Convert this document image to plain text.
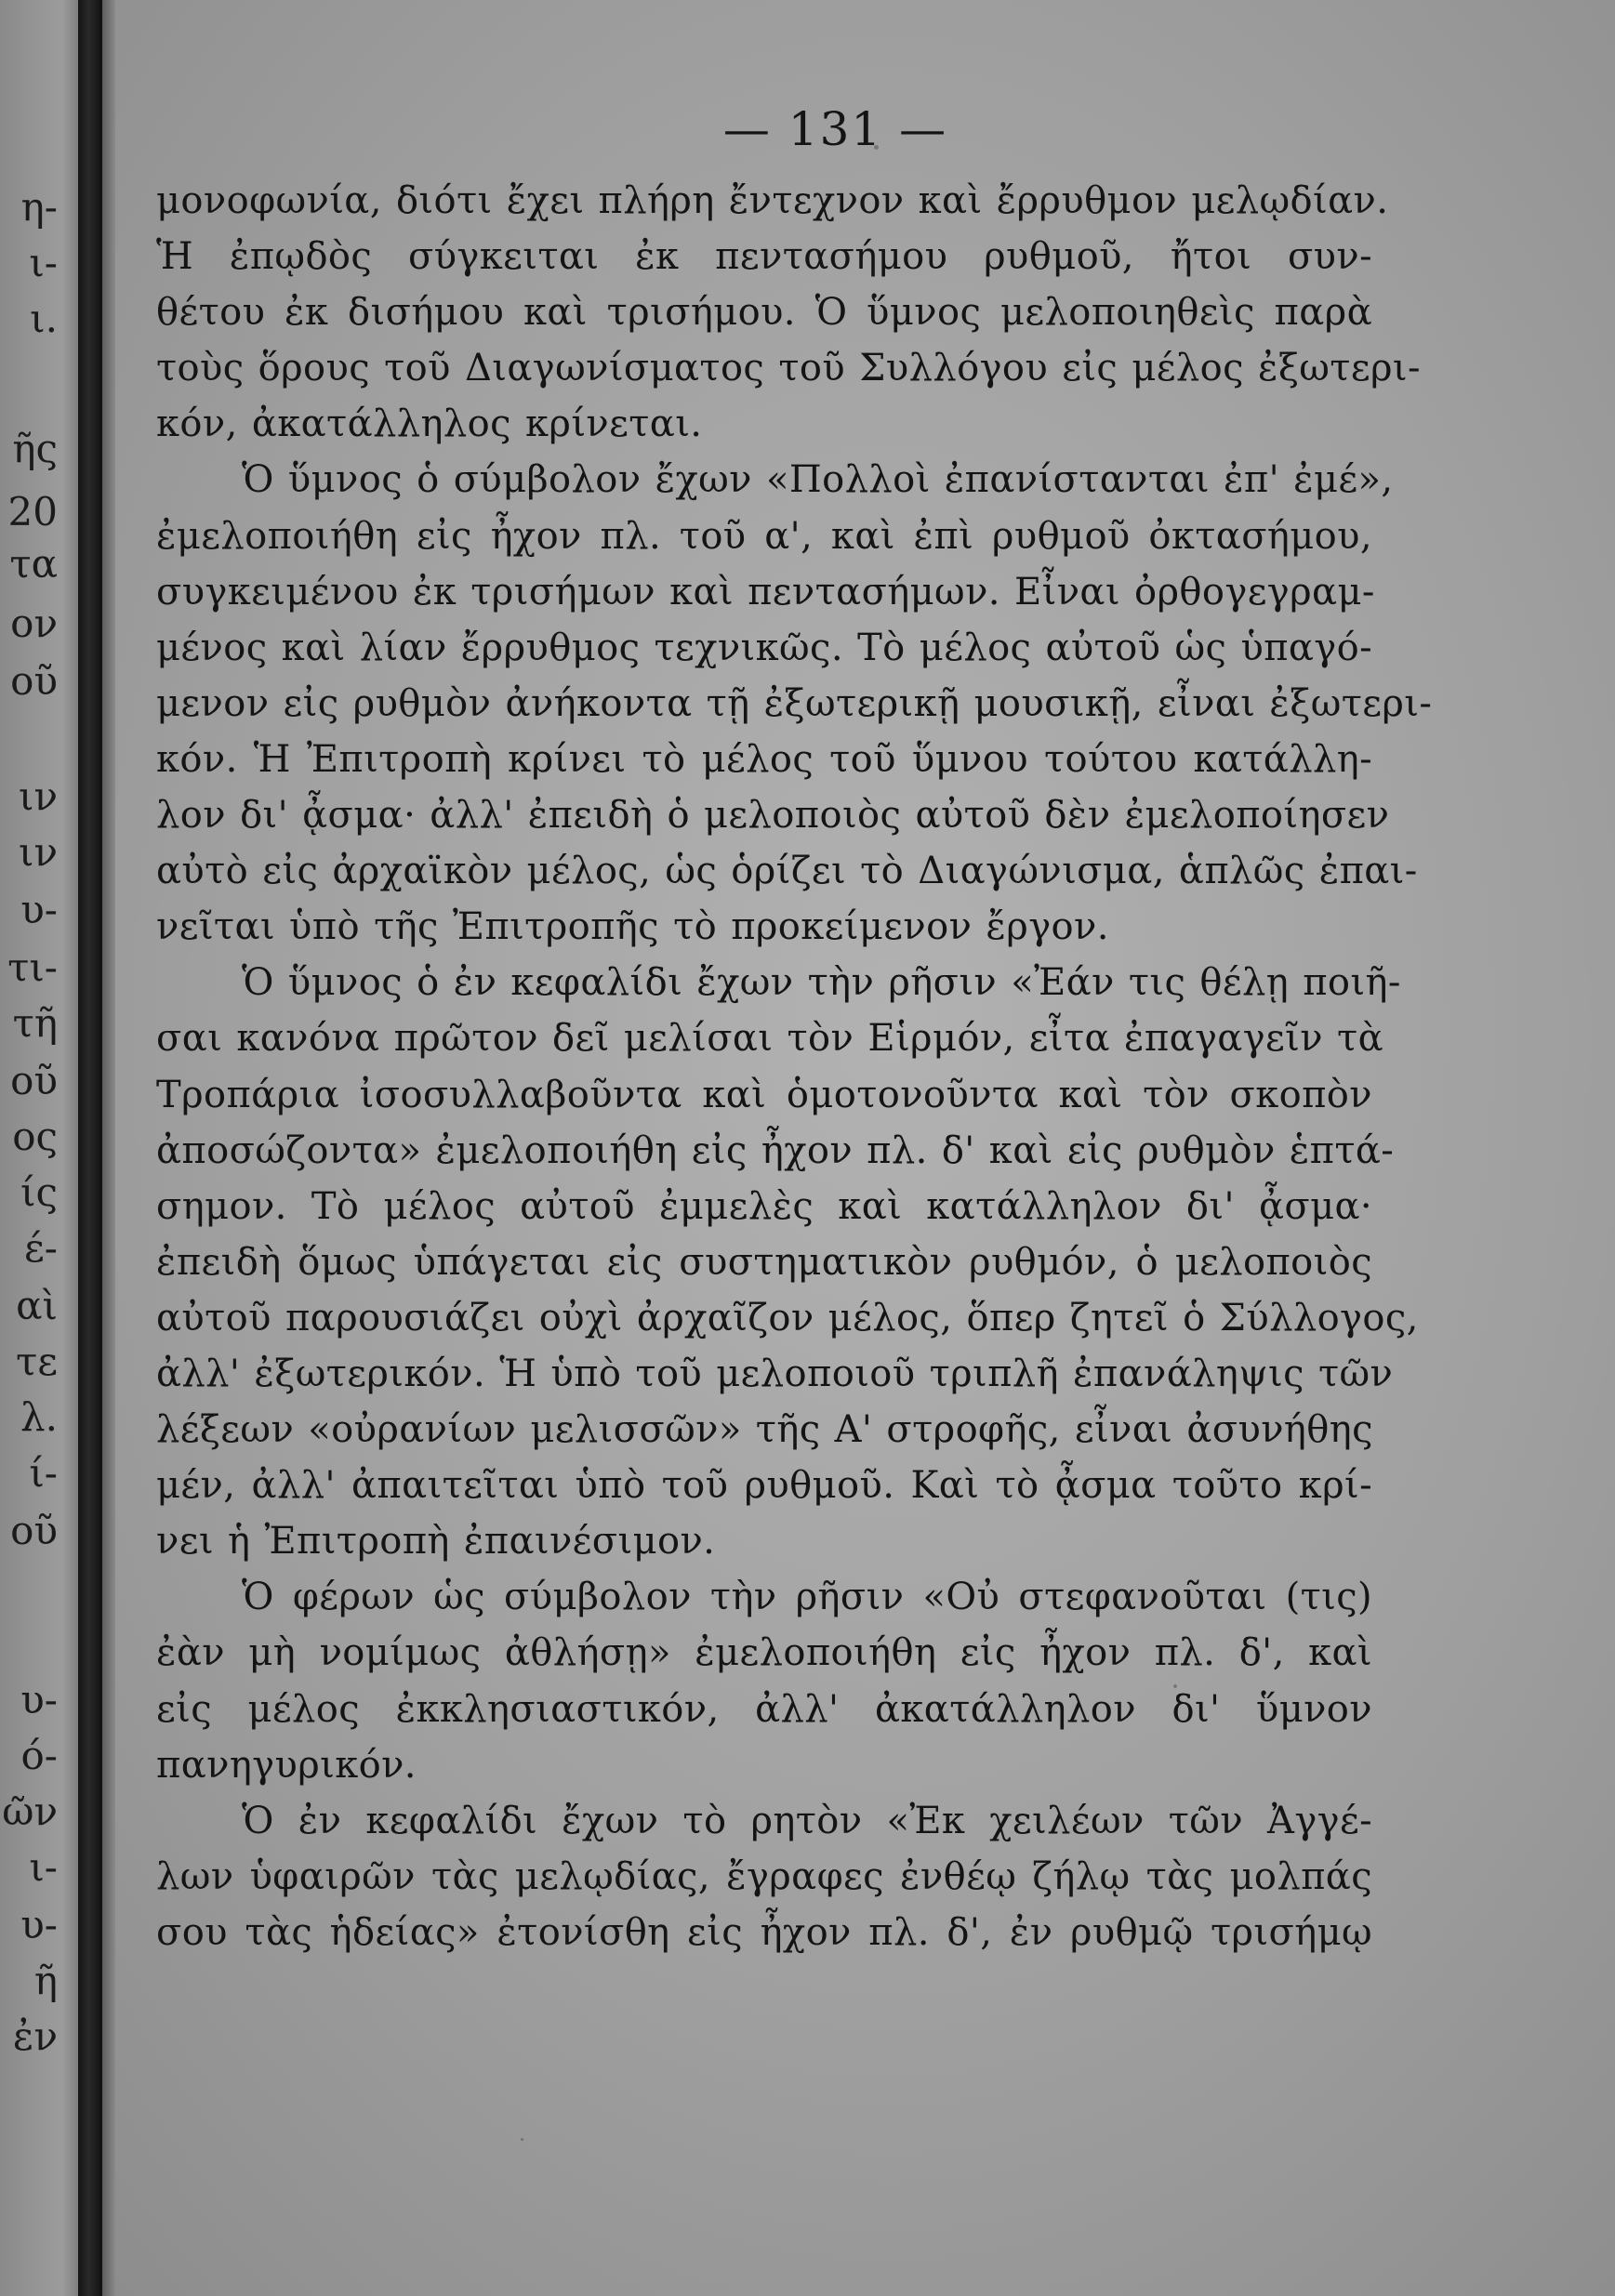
η-
ι-
ι.
ῆς
20
τα
ον
οῦ
ιν
ιν
υ-
τι-
τῆ
οῦ
ος
ίς
έ-
αὶ
τε
λ.
ί-
οῦ
υ-
ό-
ῶν
ι-
υ-
ῆ
ἐν
— 131 —
μονοφωνία, διότι ἔχει πλήρη ἔντεχνον καὶ ἔρρυθμον μελῳδίαν.
Ἡ ἐπῳδὸς σύγκειται ἐκ πεντασήμου ρυθμοῦ, ἤτοι συν-
θέτου ἐκ δισήμου καὶ τρισήμου. Ὁ ὕμνος μελοποιηθεὶς παρὰ
τοὺς ὅρους τοῦ Διαγωνίσματος τοῦ Συλλόγου εἰς μέλος ἐξωτερι-
κόν, ἀκατάλληλος κρίνεται.
Ὁ ὕμνος ὁ σύμβολον ἔχων «Πολλοὶ ἐπανίστανται ἐπ' ἐμέ»,
ἐμελοποιήθη εἰς ἦχον πλ. τοῦ α', καὶ ἐπὶ ρυθμοῦ ὀκτασήμου,
συγκειμένου ἐκ τρισήμων καὶ πεντασήμων. Εἶναι ὀρθογεγραμ-
μένος καὶ λίαν ἔρρυθμος τεχνικῶς. Τὸ μέλος αὐτοῦ ὡς ὑπαγό-
μενον εἰς ρυθμὸν ἀνήκοντα τῇ ἐξωτερικῇ μουσικῇ, εἶναι ἐξωτερι-
κόν. Ἡ Ἐπιτροπὴ κρίνει τὸ μέλος τοῦ ὕμνου τούτου κατάλλη-
λον δι' ᾆσμα· ἀλλ' ἐπειδὴ ὁ μελοποιὸς αὐτοῦ δὲν ἐμελοποίησεν
αὐτὸ εἰς ἀρχαϊκὸν μέλος, ὡς ὁρίζει τὸ Διαγώνισμα, ἁπλῶς ἐπαι-
νεῖται ὑπὸ τῆς Ἐπιτροπῆς τὸ προκείμενον ἔργον.
Ὁ ὕμνος ὁ ἐν κεφαλίδι ἔχων τὴν ρῆσιν «Ἐάν τις θέλῃ ποιῆ-
σαι κανόνα πρῶτον δεῖ μελίσαι τὸν Εἱρμόν, εἶτα ἐπαγαγεῖν τὰ
Τροπάρια ἰσοσυλλαβοῦντα καὶ ὁμοτονοῦντα καὶ τὸν σκοπὸν
ἀποσώζοντα» ἐμελοποιήθη εἰς ἦχον πλ. δ' καὶ εἰς ρυθμὸν ἑπτά-
σημον. Τὸ μέλος αὐτοῦ ἐμμελὲς καὶ κατάλληλον δι' ᾆσμα·
ἐπειδὴ ὅμως ὑπάγεται εἰς συστηματικὸν ρυθμόν, ὁ μελοποιὸς
αὐτοῦ παρουσιάζει οὐχὶ ἀρχαῖζον μέλος, ὅπερ ζητεῖ ὁ Σύλλογος,
ἀλλ' ἐξωτερικόν. Ἡ ὑπὸ τοῦ μελοποιοῦ τριπλῆ ἐπανάληψις τῶν
λέξεων «οὐρανίων μελισσῶν» τῆς Α' στροφῆς, εἶναι ἀσυνήθης
μέν, ἀλλ' ἀπαιτεῖται ὑπὸ τοῦ ρυθμοῦ. Καὶ τὸ ᾆσμα τοῦτο κρί-
νει ἡ Ἐπιτροπὴ ἐπαινέσιμον.
Ὁ φέρων ὡς σύμβολον τὴν ρῆσιν «Οὐ στεφανοῦται (τις)
ἐὰν μὴ νομίμως ἀθλήσῃ» ἐμελοποιήθη εἰς ἦχον πλ. δ', καὶ
εἰς μέλος ἐκκλησιαστικόν, ἀλλ' ἀκατάλληλον δι' ὕμνον
πανηγυρικόν.
Ὁ ἐν κεφαλίδι ἔχων τὸ ρητὸν «Ἐκ χειλέων τῶν Ἀγγέ-
λων ὑφαιρῶν τὰς μελῳδίας, ἔγραφες ἐνθέῳ ζήλῳ τὰς μολπάς
σου τὰς ἡδείας» ἐτονίσθη εἰς ἦχον πλ. δ', ἐν ρυθμῷ τρισήμῳ
